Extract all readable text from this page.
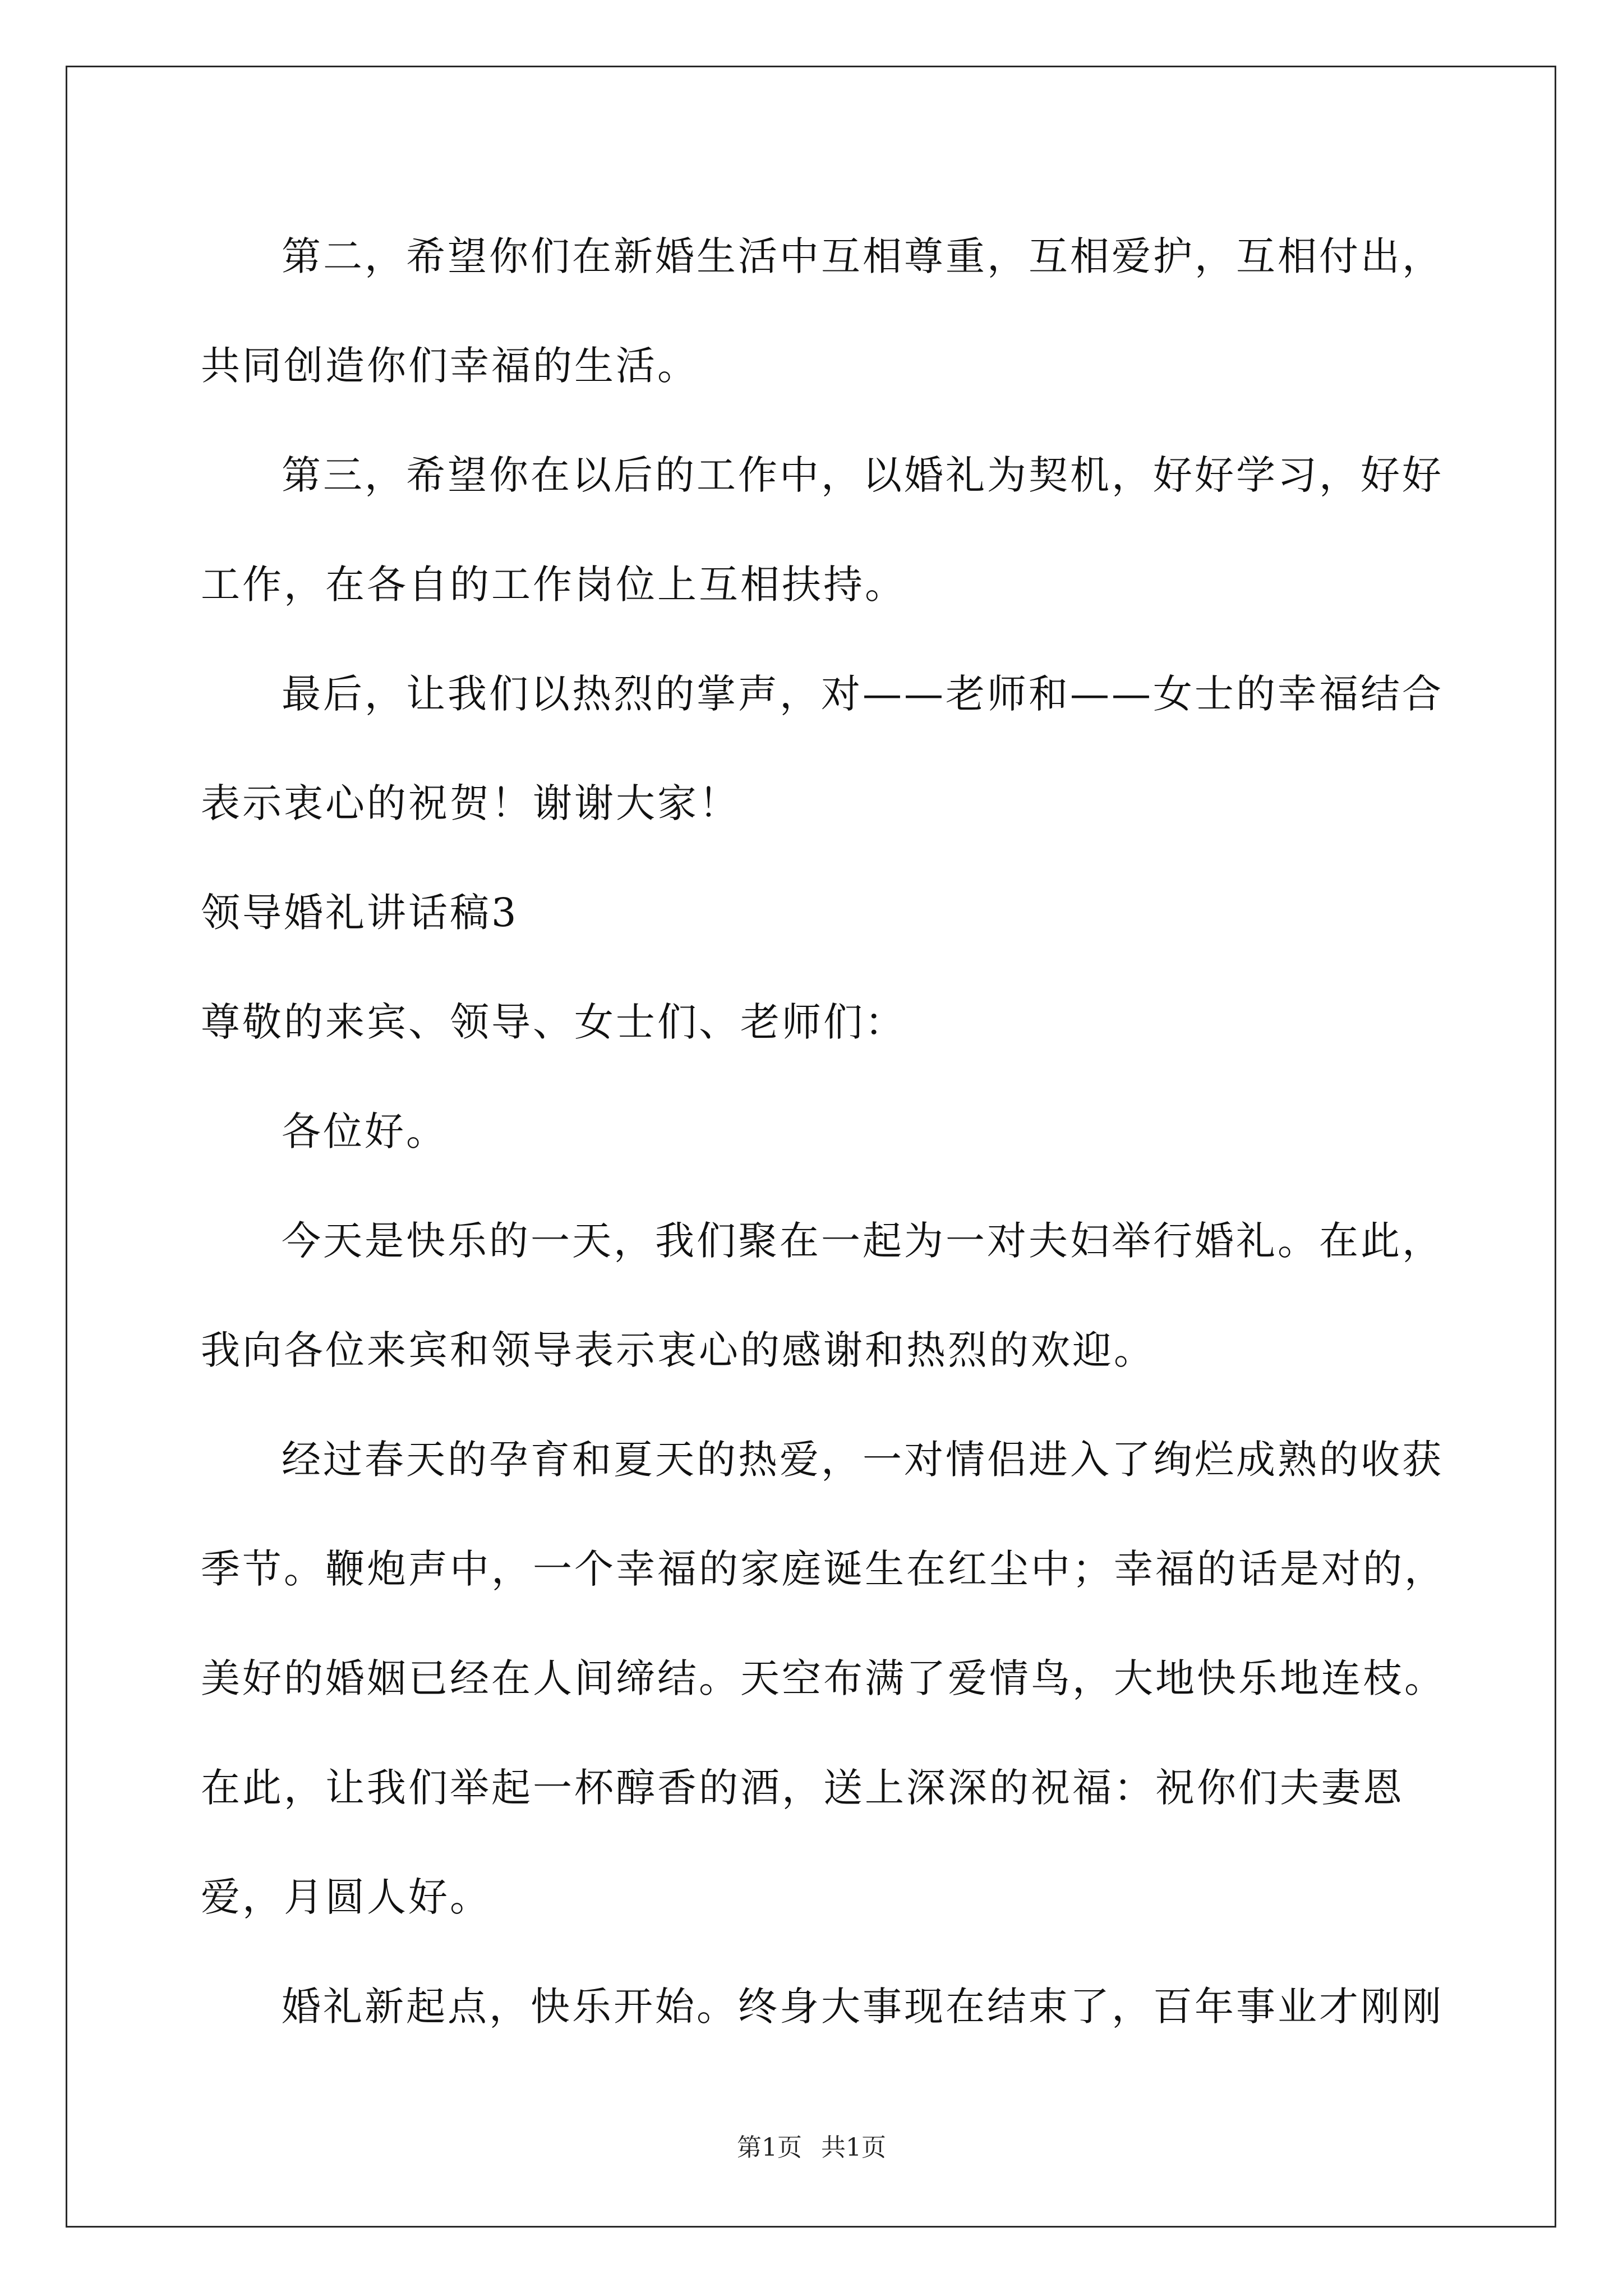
第二，希望你们在新婚生活中互相尊重，互相爱护，互相付出，共同创造你们幸福的生活。

第三，希望你在以后的工作中，以婚礼为契机，好好学习，好好工作，在各自的工作岗位上互相扶持。

最后，让我们以热烈的掌声，对——老师和——女士的幸福结合表示衷心的祝贺！谢谢大家！

领导婚礼讲话稿3

尊敬的来宾、领导、女士们、老师们：

各位好。

今天是快乐的一天，我们聚在一起为一对夫妇举行婚礼。在此，我向各位来宾和领导表示衷心的感谢和热烈的欢迎。

经过春天的孕育和夏天的热爱，一对情侣进入了绚烂成熟的收获季节。鞭炮声中，一个幸福的家庭诞生在红尘中；幸福的话是对的，美好的婚姻已经在人间缔结。天空布满了爱情鸟，大地快乐地连枝。在此，让我们举起一杯醇香的酒，送上深深的祝福：祝你们夫妻恩爱，月圆人好。

婚礼新起点，快乐开始。终身大事现在结束了，百年事业才刚刚

第1页 共1页
